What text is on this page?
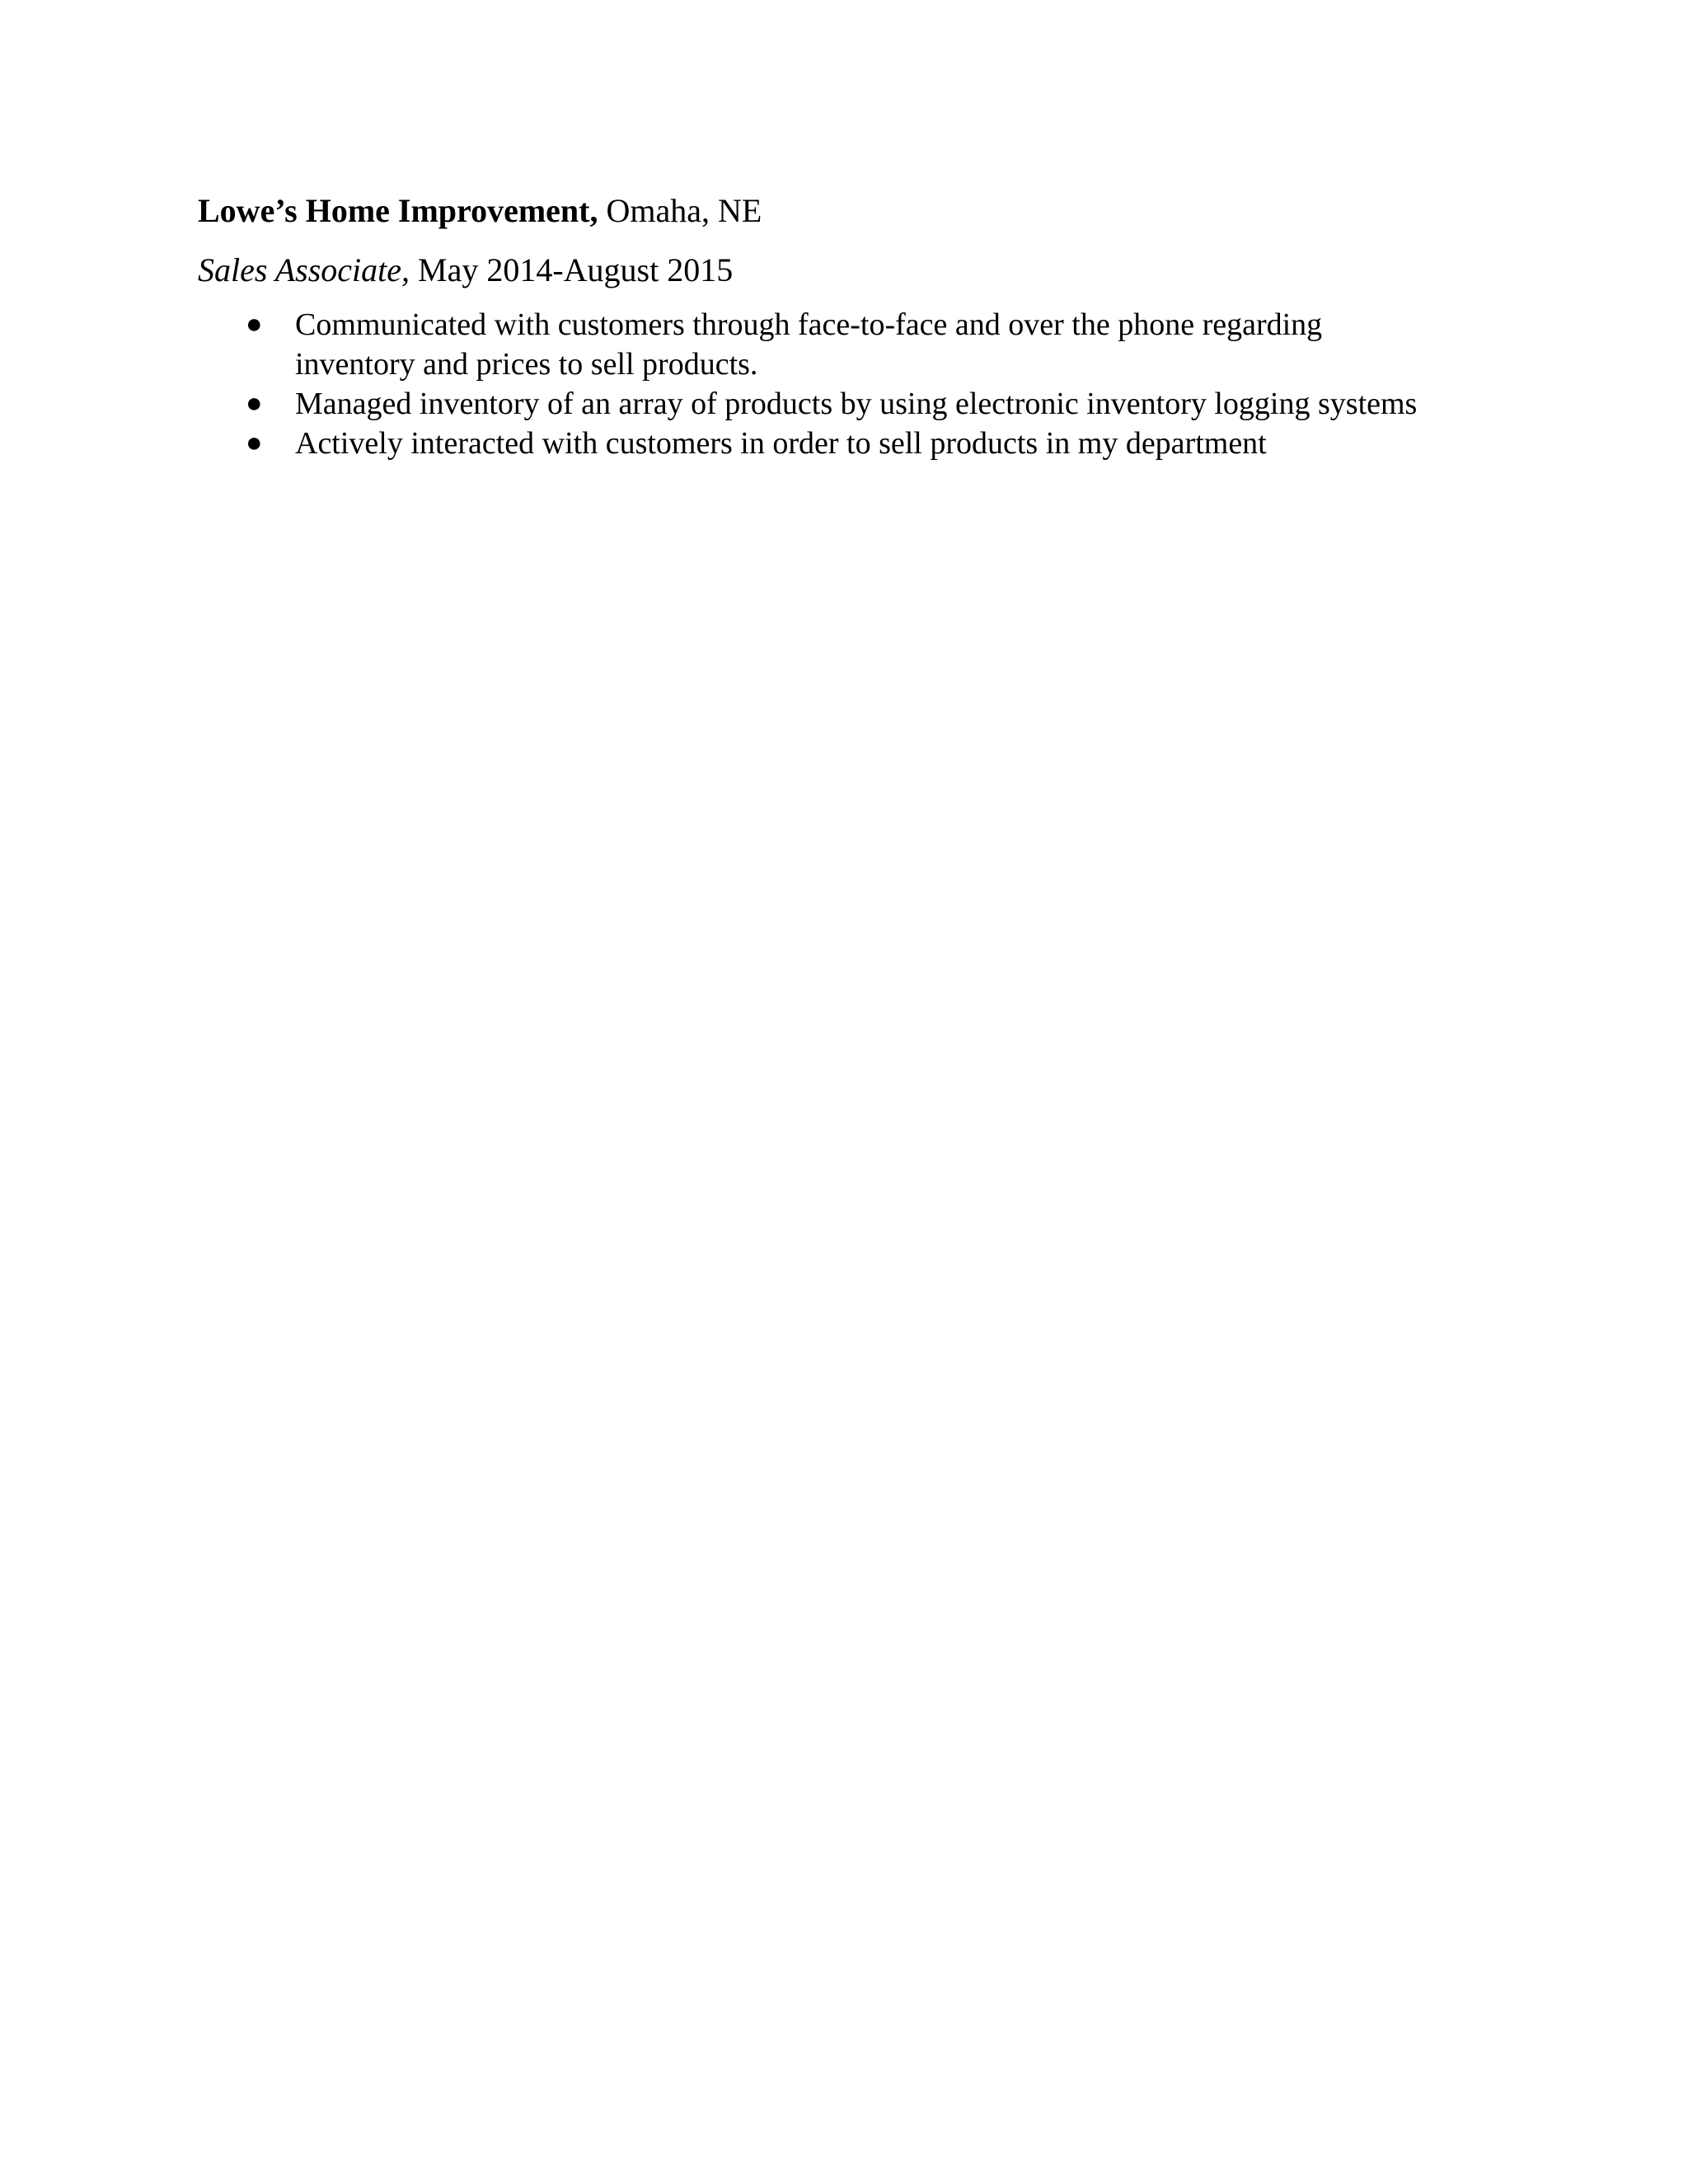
Lowe’s Home Improvement, Omaha, NE
Sales Associate, May 2014-August 2015
● Communicated with customers through face-to-face and over the phone regarding inventory and prices to sell products.
● Managed inventory of an array of products by using electronic inventory logging systems
● Actively interacted with customers in order to sell products in my department
